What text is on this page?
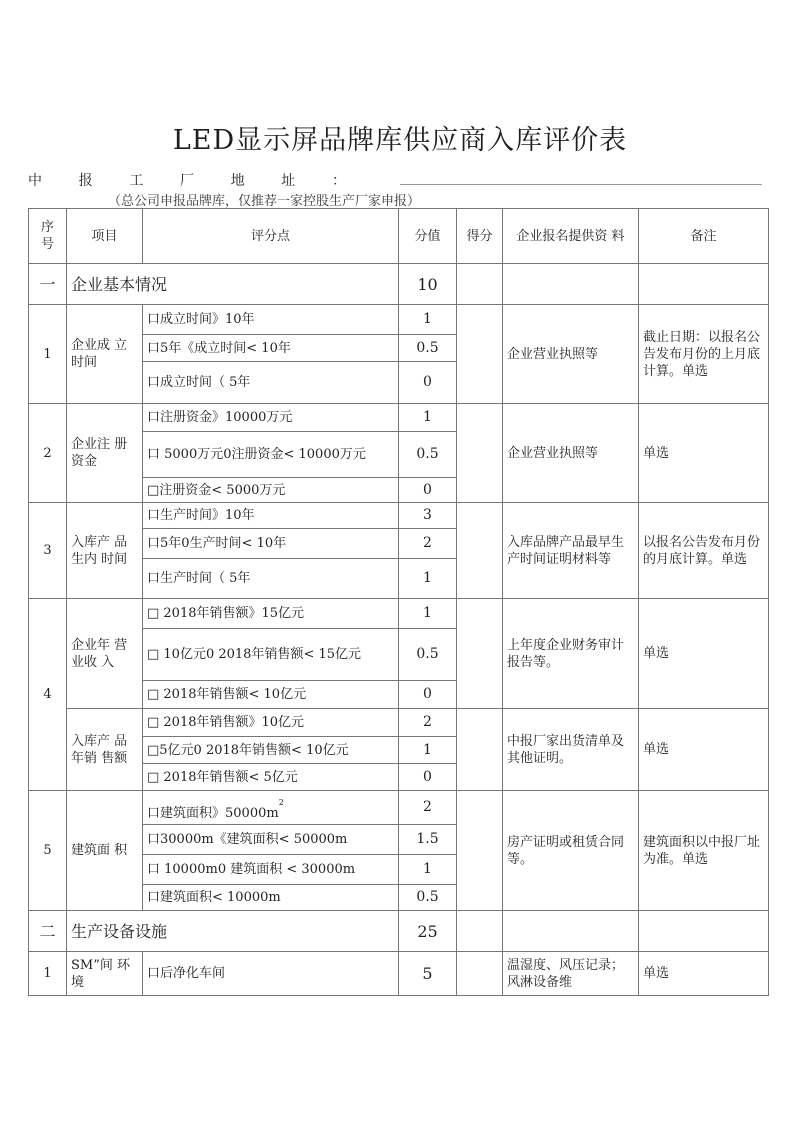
LED显示屏品牌库供应商入库评价表
中	报	工	厂	地	址	：
（总公司申报品牌库，仅推荐一家控股生产厂家申报）
序 号	项目	评分点	分值	得分	企业报名提供资 料	备注
一	企业基本情况		10			
1	企业成 立时间	口成立时间》10年	1		企业营业执照等	截止日期：以报名公告发布月份的上月底计算。单选
		口5年《成立时间< 10年	0.5			
		口成立时间（ 5年	0			
2	企业注 册资金	口注册资金》10000万元	1		企业营业执照等	单选
		口 5000万元0注册资金< 10000万元	0.5			
		□注册资金< 5000万元	0			
3	入库产 品生内 时间	口生产时间》10年	3		入库品牌产品最早生产时间证明材料等	以报名公告发布月份的月底计算。单选
		口5年0生产时间< 10年	2			
		口生产时间（ 5年	1			
4	企业年 营业收 入	□ 2018年销售额》15亿元	1		上年度企业财务审计报告等。	单选
		□ 10亿元0 2018年销售额< 15亿元	0.5			
		□ 2018年销售额< 10亿元	0			
	入库产 品年销 售额	□ 2018年销售额》10亿元	2		中报厂家出货清单及其他证明。	单选
		□5亿元0 2018年销售额< 10亿元	1			
		□ 2018年销售额< 5亿元	0			
5	建筑面 积	口建筑面积》$50000m^2$	2		房产证明或租赁合同等。	建筑面积以中报厂址为准。单选
		口30000m《建筑面积< 50000m	1.5			
		口 10000m0 建筑面积 < 30000m	1			
		口建筑面积< 10000m	0.5			
二	生产设备设施		25			
1	SM”间 环境	口后净化车间	5		温湿度、风压记录；风淋设备维	单选
